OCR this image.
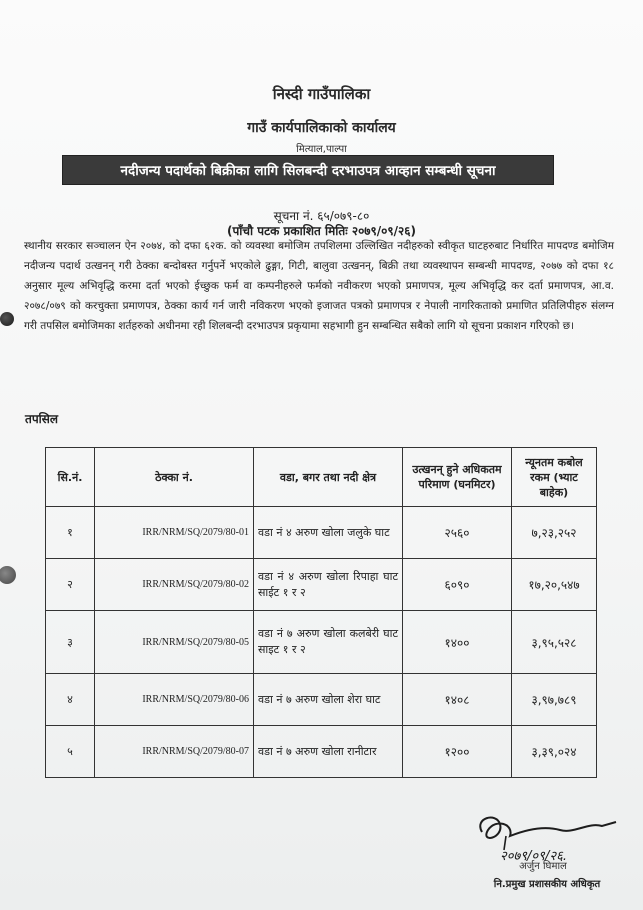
निस्दी गाउँपालिका
गाउँ कार्यपालिकाको कार्यालय
मित्याल,पाल्पा
नदीजन्य पदार्थको बिक्रीका लागि सिलबन्दी दरभाउपत्र आव्हान सम्बन्धी सूचना
सूचना नं. ६५/०७९-८०
(पाँचौ पटक प्रकाशित मितिः २०७९/०९/२६)
स्थानीय सरकार सञ्चालन ऐन २०७४, को दफा ६२क. को व्यवस्था बमोजिम तपशिलमा उल्लिखित नदीहरुको स्वीकृत घाटहरुबाट निर्धारित मापदण्ड बमोजिम नदीजन्य पदार्थ उत्खनन् गरी ठेक्का बन्दोबस्त गर्नुपर्ने भएकोले ढुङ्गा, गिटी, बालुवा उत्खनन्, बिक्री तथा व्यवस्थापन सम्बन्धी मापदण्ड, २०७७ को दफा १८ अनुसार मूल्य अभिवृद्धि करमा दर्ता भएको ईच्छुक फर्म वा कम्पनीहरुले फर्मको नवीकरण भएको प्रमाणपत्र, मूल्य अभिवृद्धि कर दर्ता प्रमाणपत्र, आ.व. २०७८/०७९ को करचुक्ता प्रमाणपत्र, ठेक्का कार्य गर्न जारी नविकरण भएको इजाजत पत्रको प्रमाणपत्र र नेपाली नागरिकताको प्रमाणित प्रतिलिपीहरु संलग्न गरी तपसिल बमोजिमका शर्तहरुको अधीनमा रही शिलबन्दी दरभाउपत्र प्रकृयामा सहभागी हुन सम्बन्धित सबैको लागि यो सूचना प्रकाशन गरिएको छ।
तपसिल
सि.नं.	ठेक्का नं.	वडा, बगर तथा नदी क्षेत्र	उत्खनन् हुने अधिकतम परिमाण (घनमिटर)	न्यूनतम कबोल रकम (भ्याट बाहेक)
१	IRR/NRM/SQ/2079/80-01	वडा नं ४ अरुण खोला जलुके घाट	२५६०	७,२३,२५२
२	IRR/NRM/SQ/2079/80-02	वडा नं ४ अरुण खोला रिपाहा घाट साईट १ र २	६०९०	१७,२०,५४७
३	IRR/NRM/SQ/2079/80-05	वडा नं ७ अरुण खोला कलबेरी घाट साइट १ र २	१४००	३,९५,५२८
४	IRR/NRM/SQ/2079/80-06	वडा नं ७ अरुण खोला शेरा घाट	१४०८	३,९७,७८९
५	IRR/NRM/SQ/2079/80-07	वडा नं ७ अरुण खोला रानीटार	१२००	३,३९,०२४
२०७९/०९/२६.
अर्जुन घिमाल
नि.प्रमुख प्रशासकीय अधिकृत
